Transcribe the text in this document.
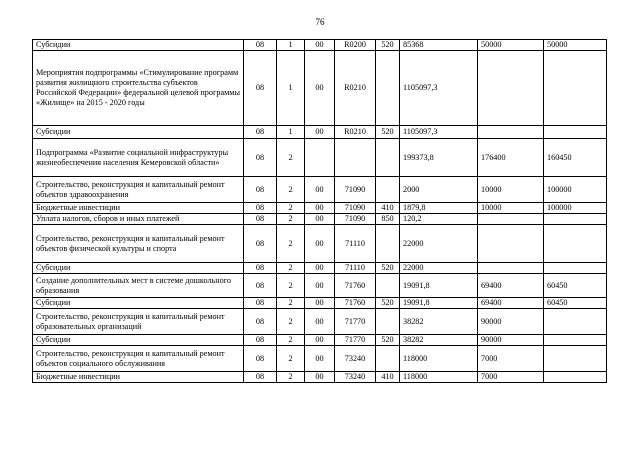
76
Субсидии	08	1	00	R0200	520	85368	50000	50000
Мероприятия подпрограммы «Стимулирование программ развития жилищного строительства субъектов Российской Федерации» федеральной целевой программы «Жилище» на 2015 - 2020 годы	08	1	00	R0210		1105097,3		
Субсидии	08	1	00	R0210	520	1105097,3		
Подпрограмма «Развитие социальной инфраструктуры жизнеобеспечения населения Кемеровской области»	08	2				199373,8	176400	160450
Строительство, реконструкция и капитальный ремонт объектов здравоохранения	08	2	00	71090		2000	10000	100000
Бюджетные инвестиции	08	2	00	71090	410	1879,8	10000	100000
Уплата налогов, сборов и иных платежей	08	2	00	71090	850	120,2		
Строительство, реконструкция и капитальный ремонт объектов физической культуры и спорта	08	2	00	71110		22000		
Субсидии	08	2	00	71110	520	22000		
Создание дополнительных мест в системе дошкольного образования	08	2	00	71760		19091,8	69400	60450
Субсидии	08	2	00	71760	520	19091,8	69400	60450
Строительство, реконструкция и капитальный ремонт образовательных организаций	08	2	00	71770		38282	90000	
Субсидии	08	2	00	71770	520	38282	90000	
Строительство, реконструкция и капитальный ремонт объектов социального обслуживания	08	2	00	73240		118000	7000	
Бюджетные инвестиции	08	2	00	73240	410	118000	7000	
